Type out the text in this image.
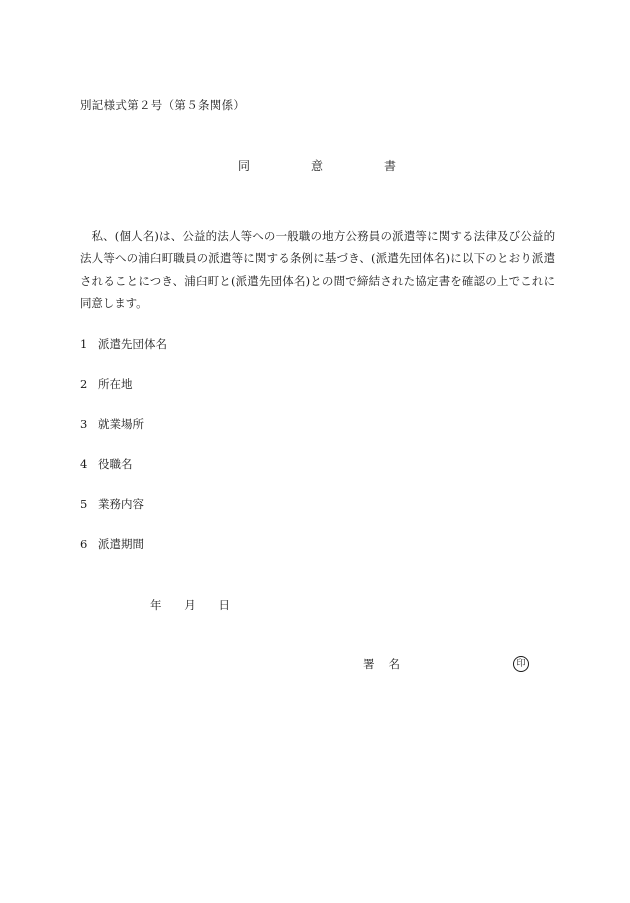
別記様式第２号（第５条関係）
同	意	書

私、(個人名)は、公益的法人等への一般職の地方公務員の派遣等に関する法律及び公益的法人等への浦臼町職員の派遣等に関する条例に基づき、(派遣先団体名)に以下のとおり派遣されることにつき、浦臼町と(派遣先団体名)との間で締結された協定書を確認の上でこれに同意します。

1 派遣先団体名
2 所在地
3 就業場所
4 役職名
5 業務内容
6 派遣期間
年 月 日
署 名	印
